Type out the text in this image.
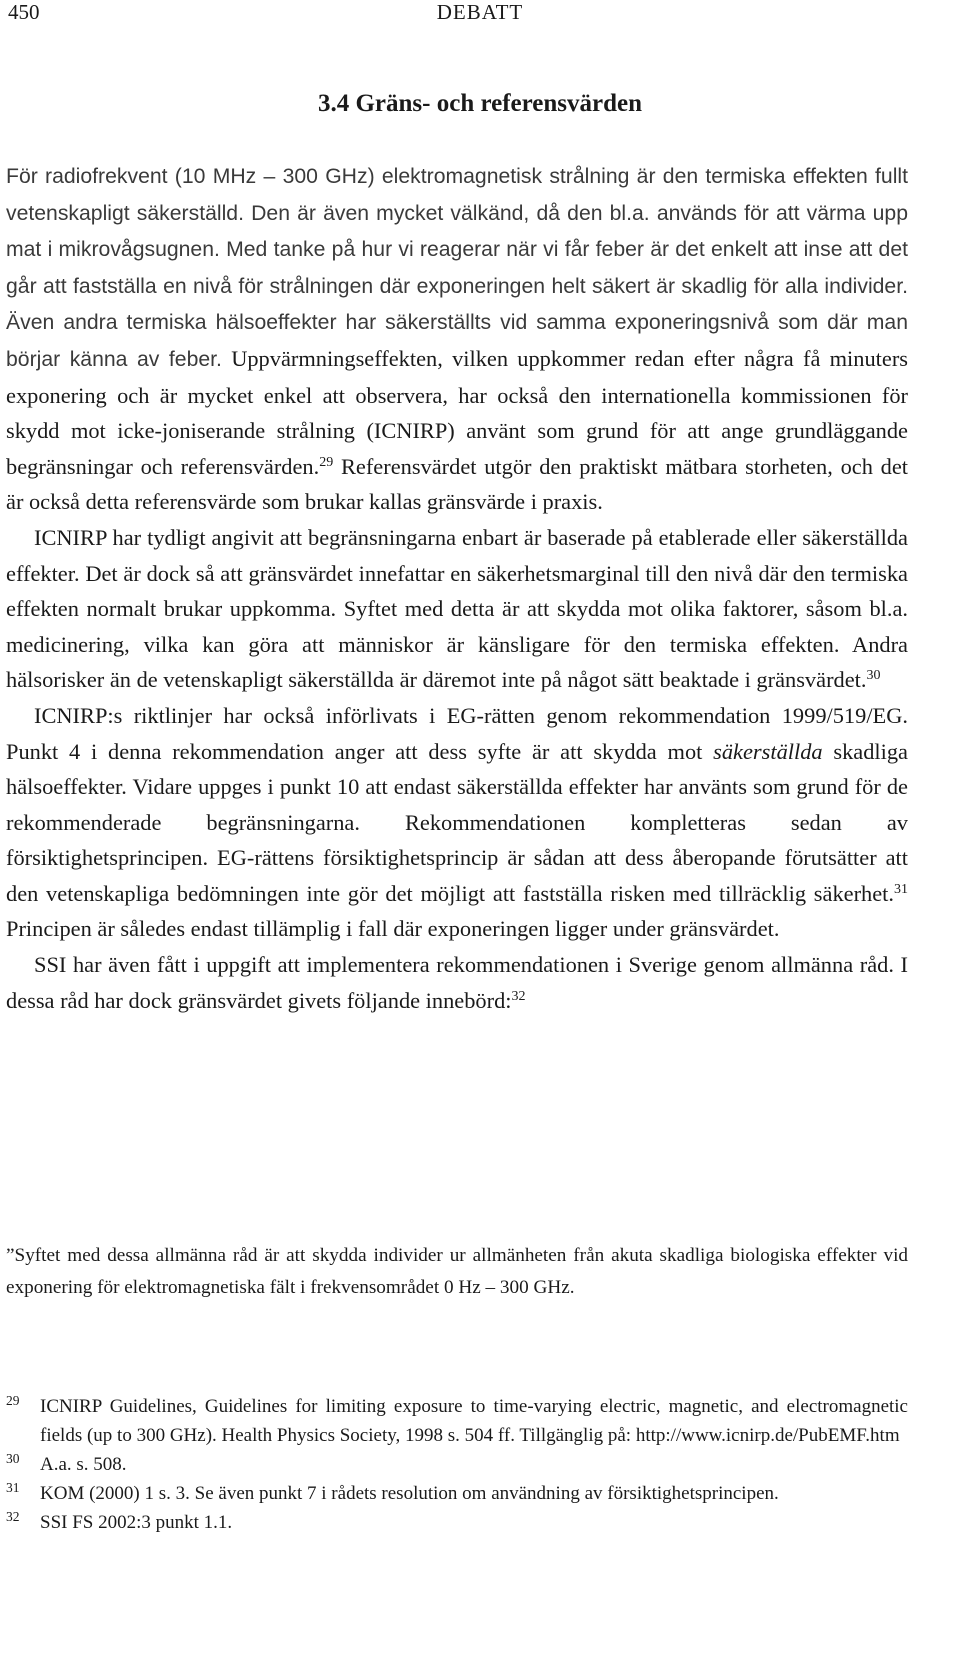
450	DEBATT
3.4 Gräns- och referensvärden

För radiofrekvent (10 MHz – 300 GHz) elektromagnetisk strålning är den termiska effekten fullt vetenskapligt säkerställd. Den är även mycket välkänd, då den bl.a. används för att värma upp mat i mikrovågsugnen. Med tanke på hur vi reagerar när vi får feber är det enkelt att inse att det går att fastställa en nivå för strålningen där exponeringen helt säkert är skadlig för alla individer. Även andra termiska hälsoeffekter har säkerställts vid samma exponeringsnivå som där man börjar känna av feber. Uppvärmningseffekten, vilken uppkommer redan efter några få minuters exponering och är mycket enkel att observera, har också den internationella kommissionen för skydd mot icke-joniserande strålning (ICNIRP) använt som grund för att ange grundläggande begränsningar och referensvärden.$^{29}$ Referensvärdet utgör den praktiskt mätbara storheten, och det är också detta referensvärde som brukar kallas gränsvärde i praxis.

ICNIRP har tydligt angivit att begränsningarna enbart är baserade på etablerade eller säkerställda effekter. Det är dock så att gränsvärdet innefattar en säkerhetsmarginal till den nivå där den termiska effekten normalt brukar uppkomma. Syftet med detta är att skydda mot olika faktorer, såsom bl.a. medicinering, vilka kan göra att människor är känsligare för den termiska effekten. Andra hälsorisker än de vetenskapligt säkerställda är däremot inte på något sätt beaktade i gränsvärdet.$^{30}$

ICNIRP:s riktlinjer har också införlivats i EG-rätten genom rekommendation 1999/519/EG. Punkt 4 i denna rekommendation anger att dess syfte är att skydda mot säkerställda skadliga hälsoeffekter. Vidare uppges i punkt 10 att endast säkerställda effekter har använts som grund för de rekommenderade begränsningarna. Rekommendationen kompletteras sedan av försiktighetsprincipen. EG-rättens försiktighetsprincip är sådan att dess åberopande förutsätter att den vetenskapliga bedömningen inte gör det möjligt att fastställa risken med tillräcklig säkerhet.$^{31}$ Principen är således endast tillämplig i fall där exponeringen ligger under gränsvärdet.

SSI har även fått i uppgift att implementera rekommendationen i Sverige genom allmänna råd. I dessa råd har dock gränsvärdet givets följande innebörd:$^{32}$

”Syftet med dessa allmänna råd är att skydda individer ur allmänheten från akuta skadliga biologiska effekter vid exponering för elektromagnetiska fält i frekvensområdet 0 Hz – 300 GHz.

29 ICNIRP Guidelines, Guidelines for limiting exposure to time-varying electric, magnetic, and electromagnetic fields (up to 300 GHz). Health Physics Society, 1998 s. 504 ff. Tillgänglig på: http://www.icnirp.de/PubEMF.htm
30 A.a. s. 508.
31 KOM (2000) 1 s. 3. Se även punkt 7 i rådets resolution om användning av försiktighetsprincipen.
32 SSI FS 2002:3 punkt 1.1.
